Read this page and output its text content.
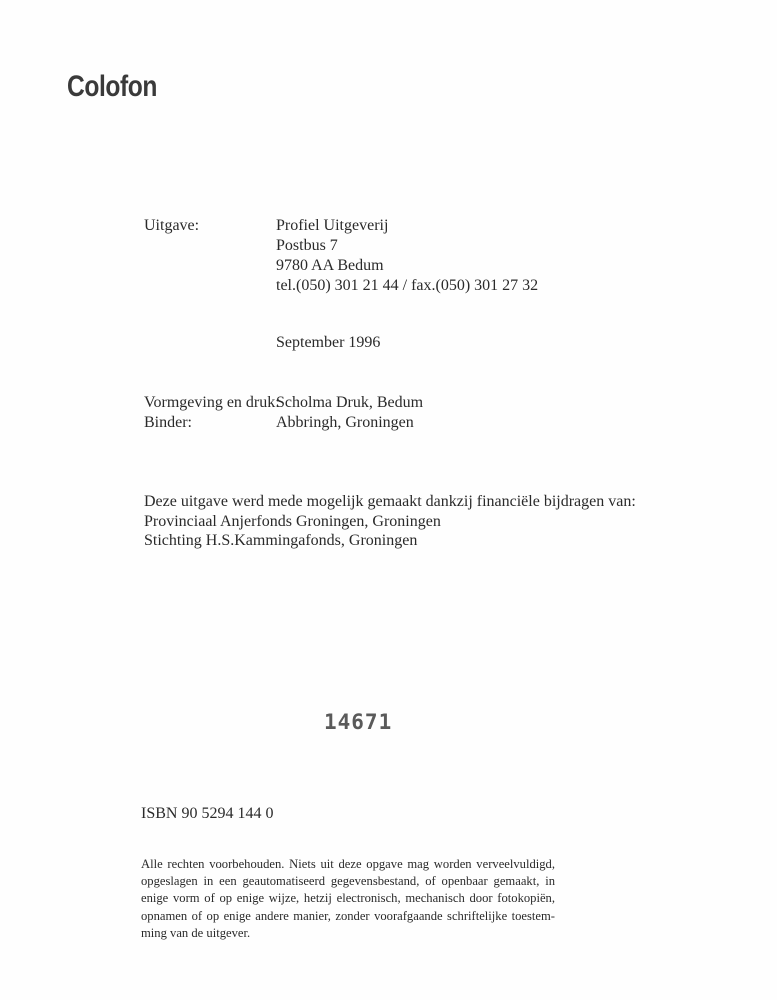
Colofon
Uitgave:	Profiel Uitgeverij
Postbus 7
9780 AA Bedum
tel.(050) 301 21 44 / fax.(050) 301 27 32
September 1996
Vormgeving en druk:
Scholma Druk, Bedum
Binder:	Abbringh, Groningen
Deze uitgave werd mede mogelijk gemaakt dankzij financiële bijdragen van:
Provinciaal Anjerfonds Groningen, Groningen
Stichting H.S.Kammingafonds, Groningen
14671
ISBN 90 5294 144 0
Alle rechten voorbehouden. Niets uit deze opgave mag worden verveelvuldigd,
opgeslagen in een geautomatiseerd gegevensbestand, of openbaar gemaakt, in
enige vorm of op enige wijze, hetzij electronisch, mechanisch door fotokopiën,
opnamen of op enige andere manier, zonder voorafgaande schriftelijke toestem-
ming van de uitgever.
